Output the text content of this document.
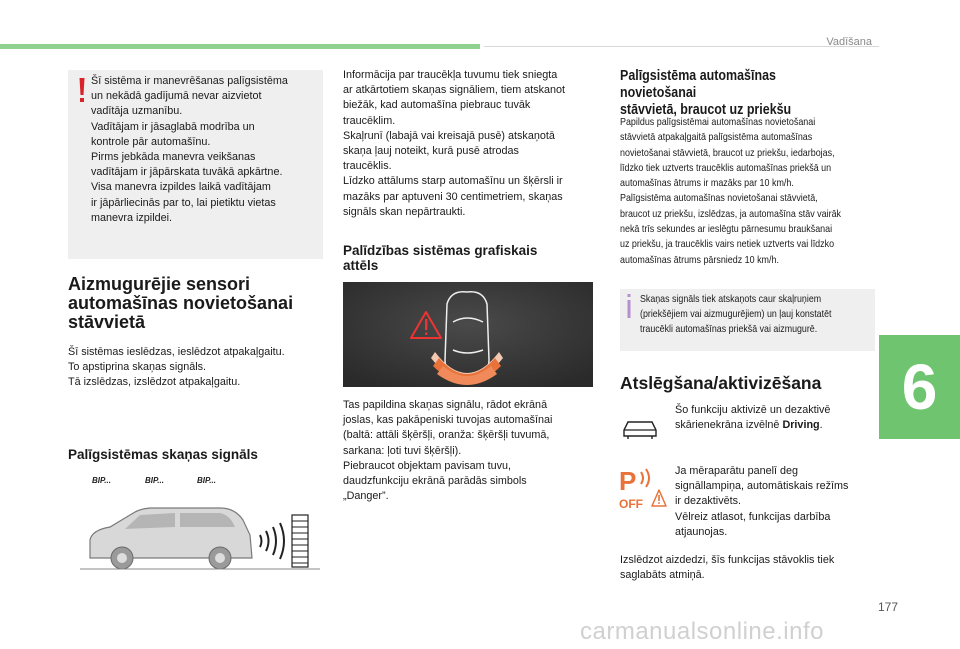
Vadīšana
6
177
carmanualsonline.info
Šī sistēma ir manevrēšanas palīgsistēma
un nekādā gadījumā nevar aizvietot
vadītāja uzmanību.
Vadītājam ir jāsaglabā modrība un
kontrole pār automašīnu.
Pirms jebkāda manevra veikšanas
vadītājam ir jāpārskata tuvākā apkārtne.
Visa manevra izpildes laikā vadītājam
ir jāpārliecinās par to, lai pietiktu vietas
manevra izpildei.
Aizmugurējie sensori
automašīnas novietošanai
stāvvietā
Šī sistēmas ieslēdzas, ieslēdzot atpakaļgaitu.
To apstiprina skaņas signāls.
Tā izslēdzas, izslēdzot atpakaļgaitu.
Palīgsistēmas skaņas signāls
BIP...	BIP...	BIP...
Informācija par traucēkļa tuvumu tiek sniegta
ar atkārtotiem skaņas signāliem, tiem atskanot
biežāk, kad automašīna piebrauc tuvāk
traucēklim.
Skaļrunī (labajā vai kreisajā pusē) atskaņotā
skaņa ļauj noteikt, kurā pusē atrodas
traucēklis.
Līdzko attālums starp automašīnu un šķērsli ir
mazāks par aptuveni 30 centimetriem, skaņas
signāls skan nepārtraukti.
Palīdzības sistēmas grafiskais
attēls
Tas papildina skaņas signālu, rādot ekrānā
joslas, kas pakāpeniski tuvojas automašīnai
(baltā: attāli šķēršļi, oranža: šķēršļi tuvumā,
sarkana: ļoti tuvi šķēršļi).
Piebraucot objektam pavisam tuvu,
daudzfunkciju ekrānā parādās simbols
„Danger”.
Palīgsistēma automašīnas novietošanai
stāvvietā, braucot uz priekšu
Papildus palīgsistēmai automašīnas novietošanai
stāvvietā atpakaļgaitā palīgsistēma automašīnas
novietošanai stāvvietā, braucot uz priekšu, iedarbojas,
līdzko tiek uztverts traucēklis automašīnas priekšā un
automašīnas ātrums ir mazāks par 10 km/h.
Palīgsistēma automašīnas novietošanai stāvvietā,
braucot uz priekšu, izslēdzas, ja automašīna stāv vairāk
nekā trīs sekundes ar ieslēgtu pārnesumu braukšanai
uz priekšu, ja traucēklis vairs netiek uztverts vai līdzko
automašīnas ātrums pārsniedz 10 km/h.
Skaņas signāls tiek atskaņots caur skaļruņiem
(priekšējiem vai aizmugurējiem) un ļauj konstatēt
traucēkli automašīnas priekšā vai aizmugurē.
Atslēgšana/aktivizēšana
Šo funkciju aktivizē un dezaktivē
skārienekrāna izvēlnē Driving.
P
OFF
Ja mēraparātu panelī deg
signāllampiņa, automātiskais režīms
ir dezaktivēts.
Vēlreiz atlasot, funkcijas darbība
atjaunojas.
Izslēdzot aizdedzi, šīs funkcijas stāvoklis tiek
saglabāts atmiņā.
